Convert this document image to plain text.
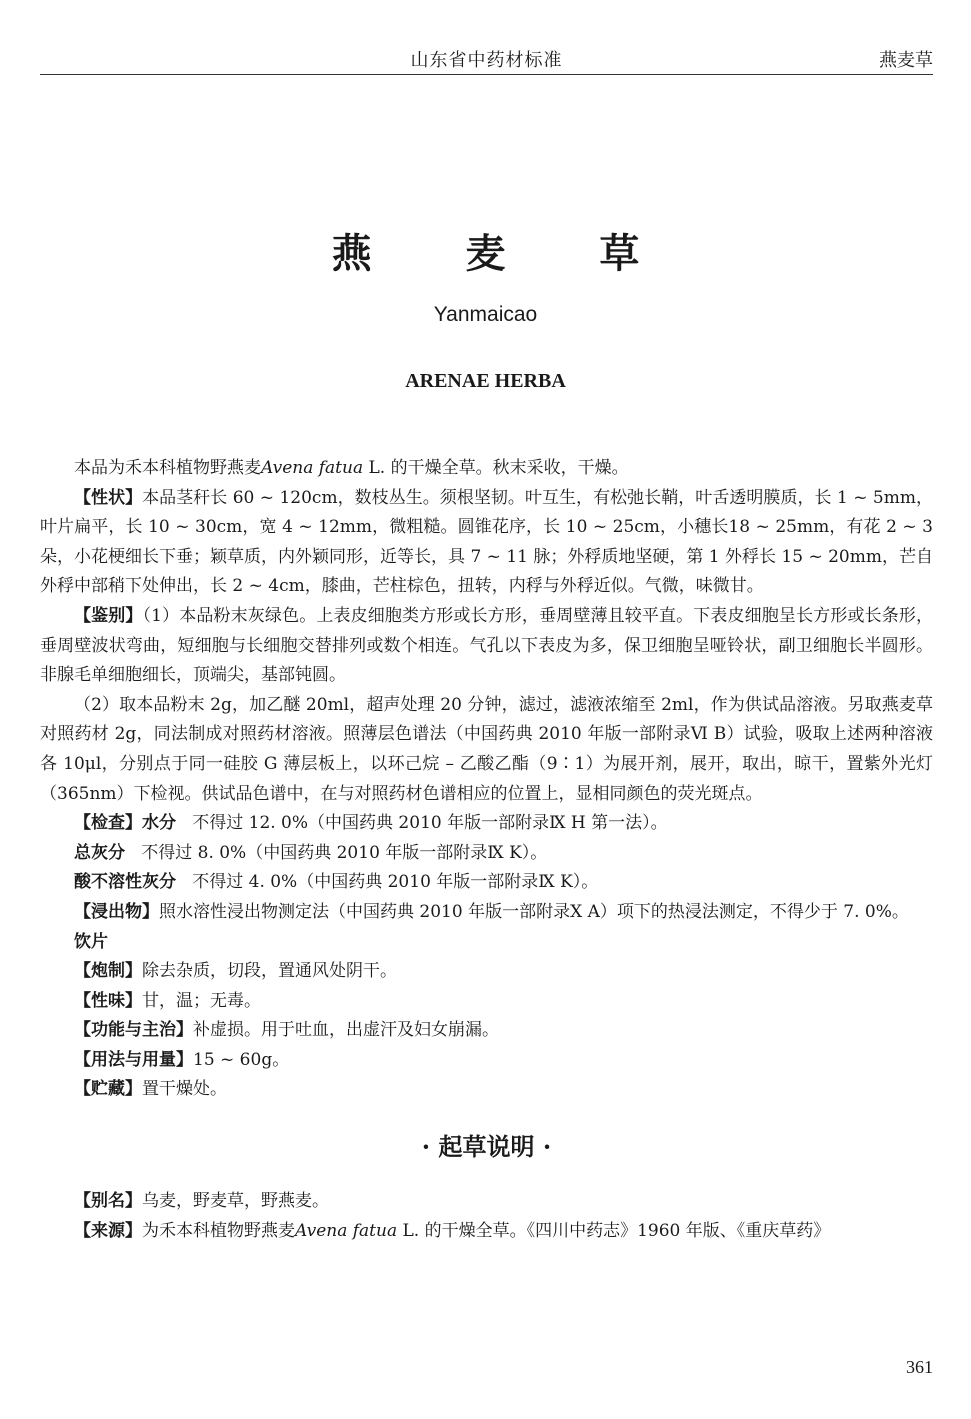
山东省中药材标准	燕麦草
燕 麦 草
Yanmaicao
ARENAE HERBA

本品为禾本科植物野燕麦Avena fatua L. 的干燥全草。秋末采收，干燥。

【性状】本品茎秆长 60 ~ 120cm，数枝丛生。须根坚韧。叶互生，有松弛长鞘，叶舌透明膜质，长 1 ~ 5mm，叶片扁平，长 10 ~ 30cm，宽 4 ~ 12mm，微粗糙。圆锥花序，长 10 ~ 25cm，小穗长18 ~ 25mm，有花 2 ~ 3 朵，小花梗细长下垂；颖草质，内外颖同形，近等长，具 7 ~ 11 脉；外稃质地坚硬，第 1 外稃长 15 ~ 20mm，芒自外稃中部稍下处伸出，长 2 ~ 4cm，膝曲，芒柱棕色，扭转，内稃与外稃近似。气微，味微甘。

【鉴别】（1）本品粉末灰绿色。上表皮细胞类方形或长方形，垂周壁薄且较平直。下表皮细胞呈长方形或长条形，垂周壁波状弯曲，短细胞与长细胞交替排列或数个相连。气孔以下表皮为多，保卫细胞呈哑铃状，副卫细胞长半圆形。非腺毛单细胞细长，顶端尖，基部钝圆。

（2）取本品粉末 2g，加乙醚 20ml，超声处理 20 分钟，滤过，滤液浓缩至 2ml，作为供试品溶液。另取燕麦草对照药材 2g，同法制成对照药材溶液。照薄层色谱法（中国药典 2010 年版一部附录Ⅵ B）试验，吸取上述两种溶液各 10μl，分别点于同一硅胶 G 薄层板上，以环己烷 – 乙酸乙酯（9∶1）为展开剂，展开，取出，晾干，置紫外光灯（365nm）下检视。供试品色谱中，在与对照药材色谱相应的位置上，显相同颜色的荧光斑点。

【检查】水分 不得过 12. 0%（中国药典 2010 年版一部附录Ⅸ H 第一法）。

总灰分 不得过 8. 0%（中国药典 2010 年版一部附录Ⅸ K）。

酸不溶性灰分 不得过 4. 0%（中国药典 2010 年版一部附录Ⅸ K）。

【浸出物】照水溶性浸出物测定法（中国药典 2010 年版一部附录Ⅹ A）项下的热浸法测定，不得少于 7. 0%。

饮片

【炮制】除去杂质，切段，置通风处阴干。

【性味】甘，温；无毒。

【功能与主治】补虚损。用于吐血，出虚汗及妇女崩漏。

【用法与用量】15 ~ 60g。

【贮藏】置干燥处。

· 起草说明 ·

【别名】乌麦，野麦草，野燕麦。

【来源】为禾本科植物野燕麦Avena fatua L. 的干燥全草。《四川中药志》1960 年版、《重庆草药》

361
